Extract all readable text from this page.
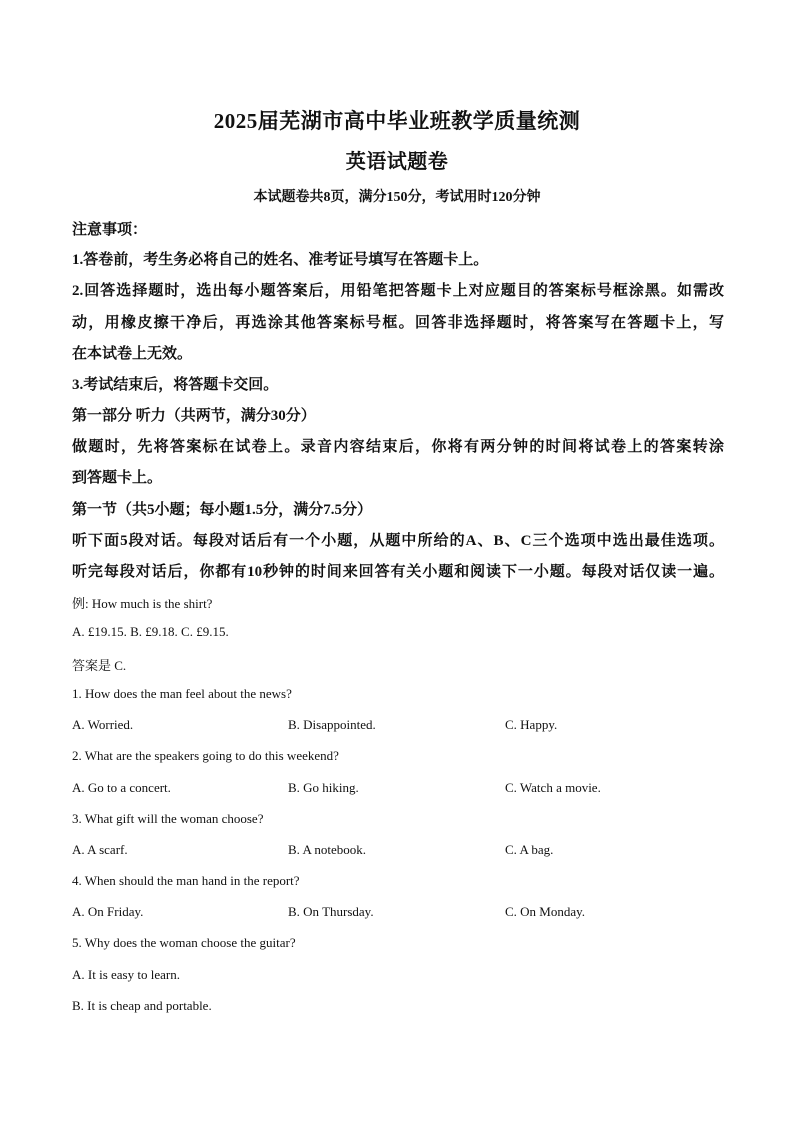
2025届芜湖市高中毕业班教学质量统测
英语试题卷
本试题卷共8页，满分150分，考试用时120分钟
注意事项：
1.答卷前，考生务必将自己的姓名、准考证号填写在答题卡上。
2.回答选择题时，选出每小题答案后，用铅笔把答题卡上对应题目的答案标号框涂黑。如需改
动，用橡皮擦干净后，再选涂其他答案标号框。回答非选择题时，将答案写在答题卡上，写
在本试卷上无效。
3.考试结束后，将答题卡交回。
第一部分 听力（共两节，满分30分）
做题时，先将答案标在试卷上。录音内容结束后，你将有两分钟的时间将试卷上的答案转涂
到答题卡上。
第一节（共5小题；每小题1.5分，满分7.5分）
听下面5段对话。每段对话后有一个小题，从题中所给的A、B、C三个选项中选出最佳选项。
听完每段对话后，你都有10秒钟的时间来回答有关小题和阅读下一小题。每段对话仅读一遍。
例: How much is the shirt?
A. £19.15. B. £9.18. C. £9.15.
答案是 C.
1. How does the man feel about the news?
A. Worried.	B. Disappointed.	C. Happy.
2. What are the speakers going to do this weekend?
A. Go to a concert.	B. Go hiking.	C. Watch a movie.
3. What gift will the woman choose?
A. A scarf.	B. A notebook.	C. A bag.
4. When should the man hand in the report?
A. On Friday.	B. On Thursday.	C. On Monday.
5. Why does the woman choose the guitar?
A. It is easy to learn.
B. It is cheap and portable.
